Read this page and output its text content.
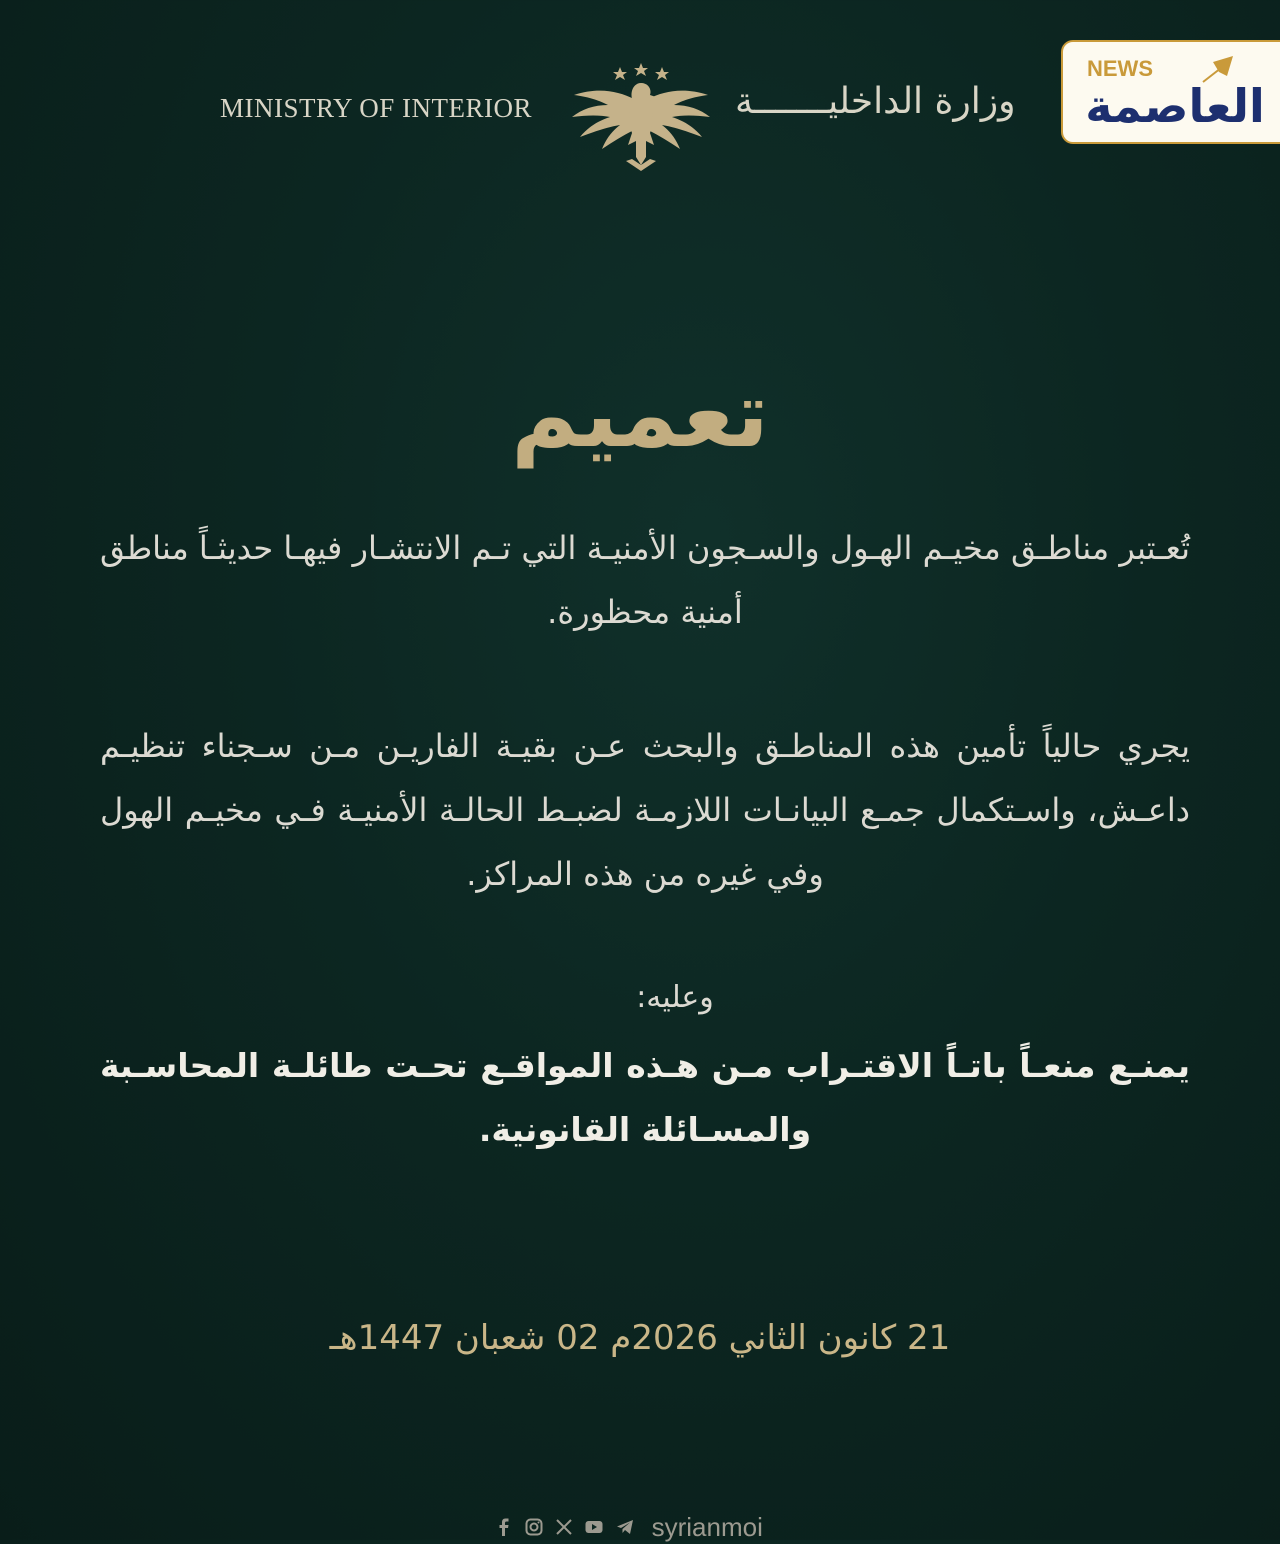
MINISTRY OF INTERIOR	وزارة الداخليـــــــة
NEWS
العاصمة
تعميم
تُعـتبر مناطـق مخيـم الهـول والسـجون الأمنيـة التي تـم الانتشـار فيهـا حديثـاً مناطق أمنية محظورة.
يجري حالياً تأمين هذه المناطـق والبحث عـن بقيـة الفاريـن مـن سـجناء تنظيـم داعـش، واسـتكمال جمـع البيانـات اللازمـة لضبـط الحالـة الأمنيـة فـي مخيـم الهول وفي غيره من هذه المراكز.
وعليه:
يمنـع منعـاً باتـاً الاقتـراب مـن هـذه المواقـع تحـت طائلـة المحاسـبة والمسـائلة القانونية.
21 كانون الثاني 2026م 02 شعبان 1447هـ
syrianmoi
